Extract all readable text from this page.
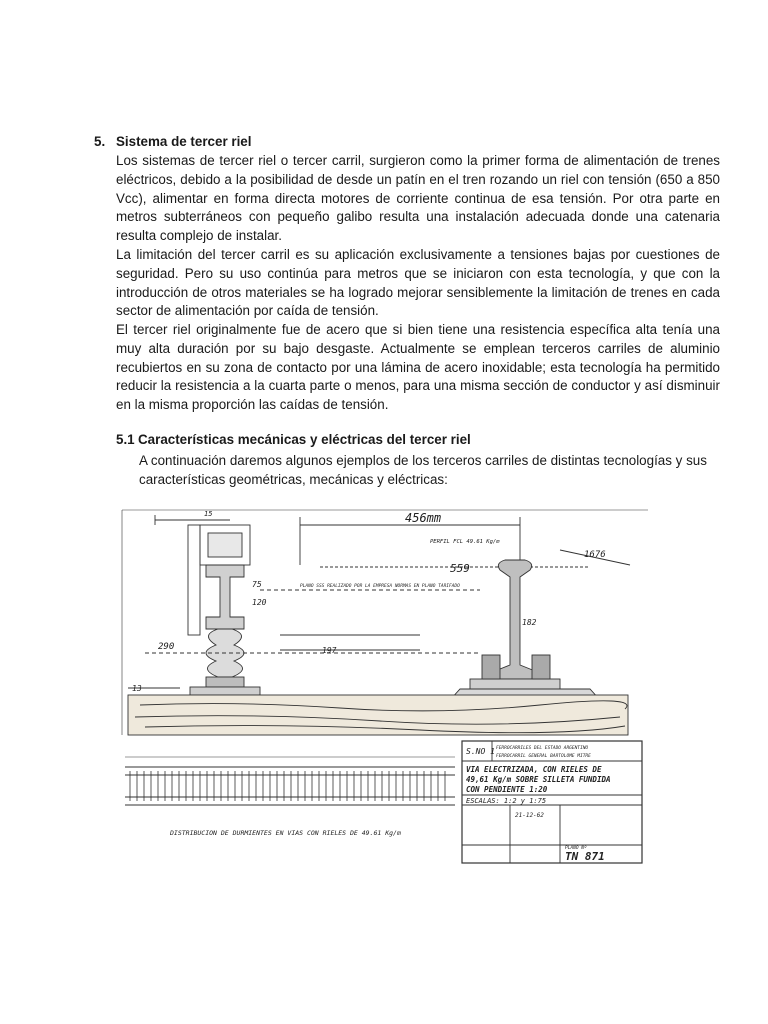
5. Sistema de tercer riel

Los sistemas de tercer riel o tercer carril, surgieron como la primer forma de alimentación de trenes eléctricos, debido a la posibilidad de desde un patín en el tren rozando un riel con tensión (650 a 850 Vcc), alimentar en forma directa motores de corriente continua de esa tensión. Por otra parte en metros subterráneos con pequeño galibo resulta una instalación adecuada donde una catenaria resulta complejo de instalar.

La limitación del tercer carril es su aplicación exclusivamente a tensiones bajas por cuestiones de seguridad. Pero su uso continúa para metros que se iniciaron con esta tecnología, y que con la introducción de otros materiales se ha logrado mejorar sensiblemente la limitación de trenes en cada sector de alimentación por caída de tensión.

El tercer riel originalmente fue de acero que si bien tiene una resistencia específica alta tenía una muy alta duración por su bajo desgaste. Actualmente se emplean terceros carriles de aluminio recubiertos en su zona de contacto por una lámina de acero inoxidable; esta tecnología ha permitido reducir la resistencia a la cuarta parte o menos, para una misma sección de conductor y así disminuir en la misma proporción las caídas de tensión.

5.1 Características mecánicas y eléctricas del tercer riel

A continuación daremos algunos ejemplos de los terceros carriles de distintas tecnologías y sus características geométricas, mecánicas y eléctricas:

456mm
559
1676
15
290
75
120
182
197
13
PERFIL FCL 49.61 Kg/m
PLANO SSS REALIZADO POR LA EMPRESA NORMAS EN PLANO TARIFADO
DISTRIBUCION DE DURMIENTES EN VIAS CON RIELES DE 49.61 Kg/m
S.NO 1 FERROCARRILES DEL ESTADO ARGENTINO
FERROCARRIL GENERAL BARTOLOME MITRE
VIA ELECTRIZADA, CON RIELES DE
49,61 Kg/m SOBRE SILLETA FUNDIDA
CON PENDIENTE 1:20
ESCALAS: 1:2 y 1:75
21-12-62
PLANO Nº
TN 871
